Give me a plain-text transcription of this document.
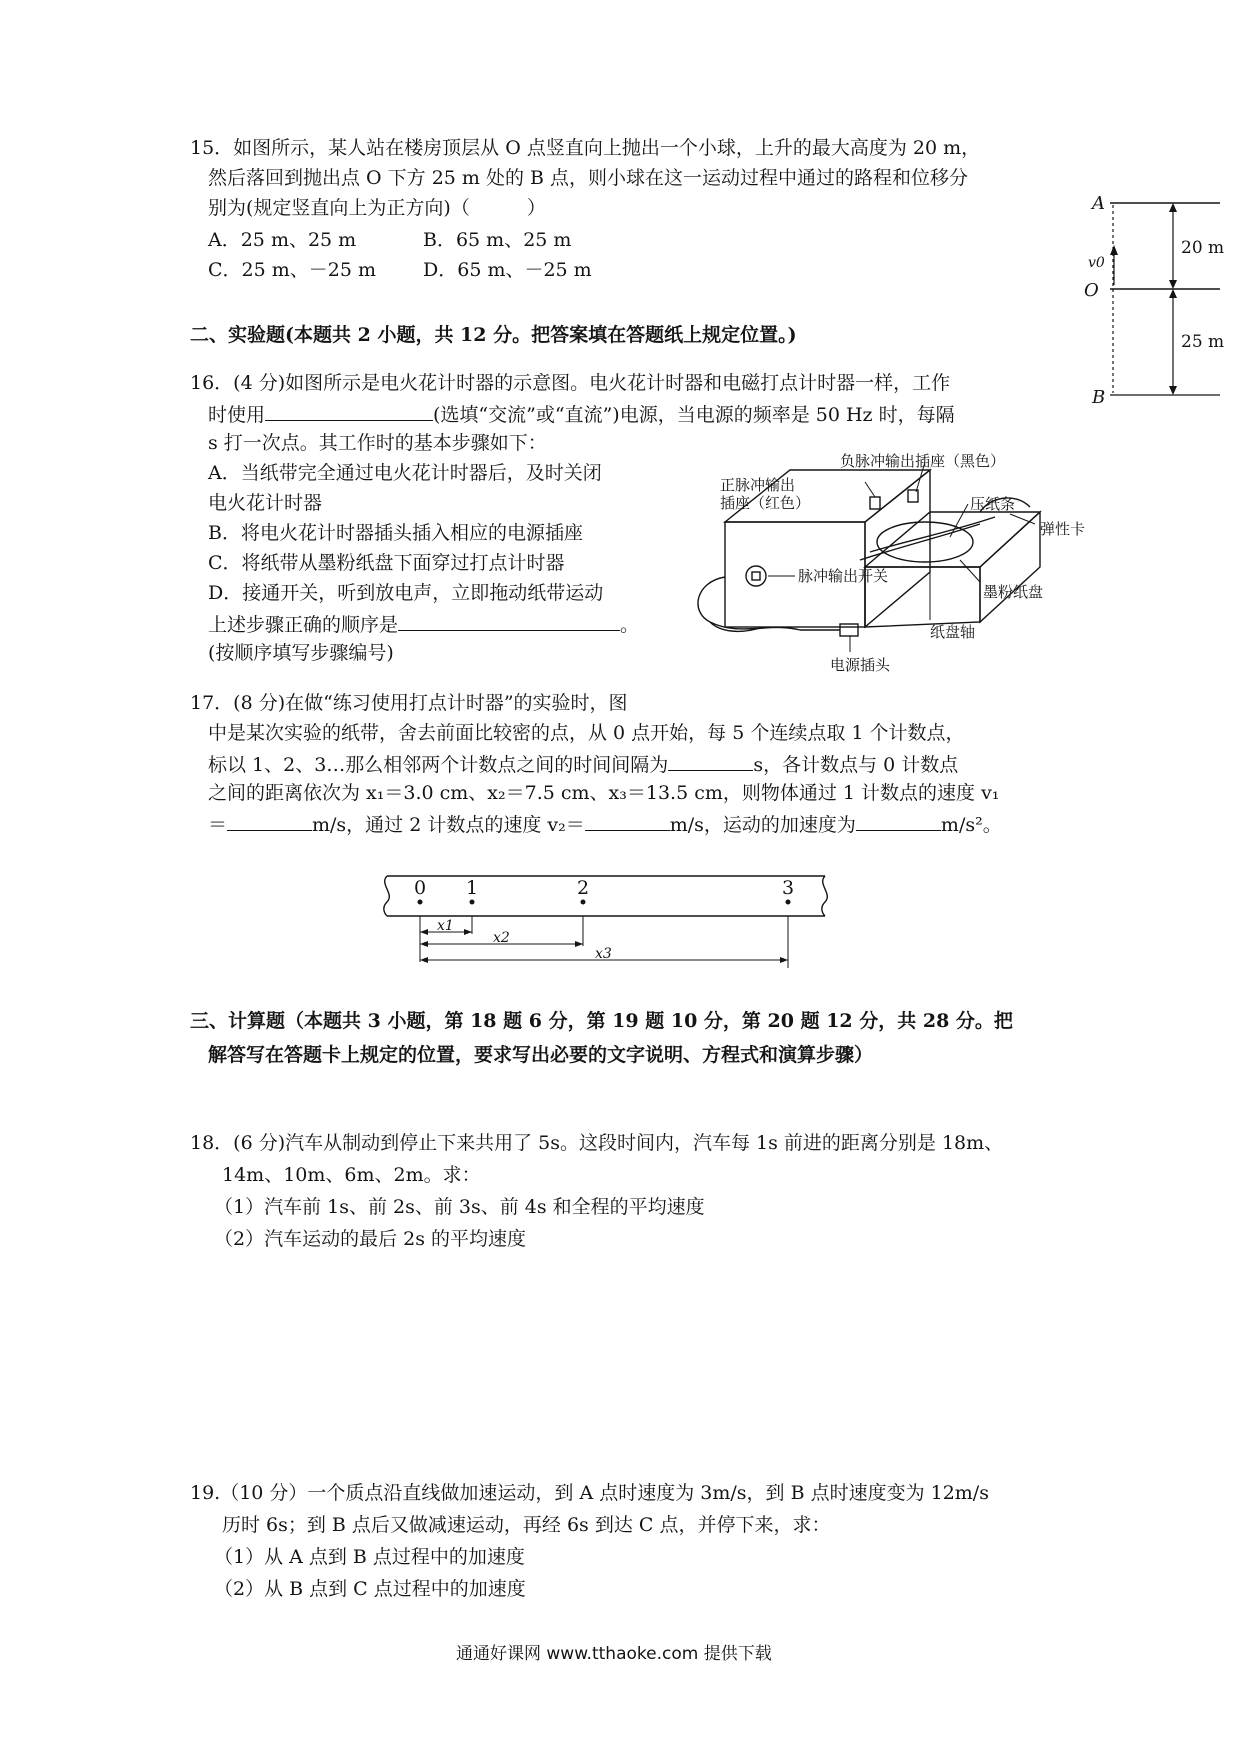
15．如图所示，某人站在楼房顶层从 O 点竖直向上抛出一个小球，上升的最大高度为 20 m，
然后落回到抛出点 O 下方 25 m 处的 B 点，则小球在这一运动过程中通过的路程和位移分
别为(规定竖直向上为正方向)（　　　）
A．25 m、25 m	B．65 m、25 m
C．25 m、－25 m D．65 m、－25 m
A
O
B
v0
20 m
25 m
二、实验题(本题共 2 小题，共 12 分。把答案填在答题纸上规定位置。)
16．(4 分)如图所示是电火花计时器的示意图。电火花计时器和电磁打点计时器一样，工作
时使用	(选填“交流”或“直流”)电源，当电源的频率是 50 Hz 时，每隔
s 打一次点。其工作时的基本步骤如下：
A．当纸带完全通过电火花计时器后，及时关闭
电火花计时器
B．将电火花计时器插头插入相应的电源插座
C．将纸带从墨粉纸盘下面穿过打点计时器
D．接通开关，听到放电声，立即拖动纸带运动
上述步骤正确的顺序是	。
(按顺序填写步骤编号)
负脉冲输出插座（黑色）
正脉冲输出
插座（红色）	压纸条
弹性卡
脉冲输出开关
墨粉纸盘
纸盘轴
电源插头
17．(8 分)在做“练习使用打点计时器”的实验时，图
中是某次实验的纸带，舍去前面比较密的点，从 0 点开始，每 5 个连续点取 1 个计数点，
标以 1、2、3…那么相邻两个计数点之间的时间间隔为	s，各计数点与 0 计数点
之间的距离依次为 x₁＝3.0 cm、x₂＝7.5 cm、x₃＝13.5 cm，则物体通过 1 计数点的速度 v₁
＝	m/s，通过 2 计数点的速度 v₂＝	m/s，运动的加速度为	m/s²。
0 1	2	3
x1
x2
x3
三、计算题（本题共 3 小题，第 18 题 6 分，第 19 题 10 分，第 20 题 12 分，共 28 分。把
解答写在答题卡上规定的位置，要求写出必要的文字说明、方程式和演算步骤）
18．(6 分)汽车从制动到停止下来共用了 5s。这段时间内，汽车每 1s 前进的距离分别是 18m、
14m、10m、6m、2m。求：
（1）汽车前 1s、前 2s、前 3s、前 4s 和全程的平均速度
（2）汽车运动的最后 2s 的平均速度
19.（10 分）一个质点沿直线做加速运动，到 A 点时速度为 3m/s，到 B 点时速度变为 12m/s
历时 6s；到 B 点后又做减速运动，再经 6s 到达 C 点，并停下来，求：
（1）从 A 点到 B 点过程中的加速度
（2）从 B 点到 C 点过程中的加速度
通通好课网 www.tthaoke.com 提供下载
